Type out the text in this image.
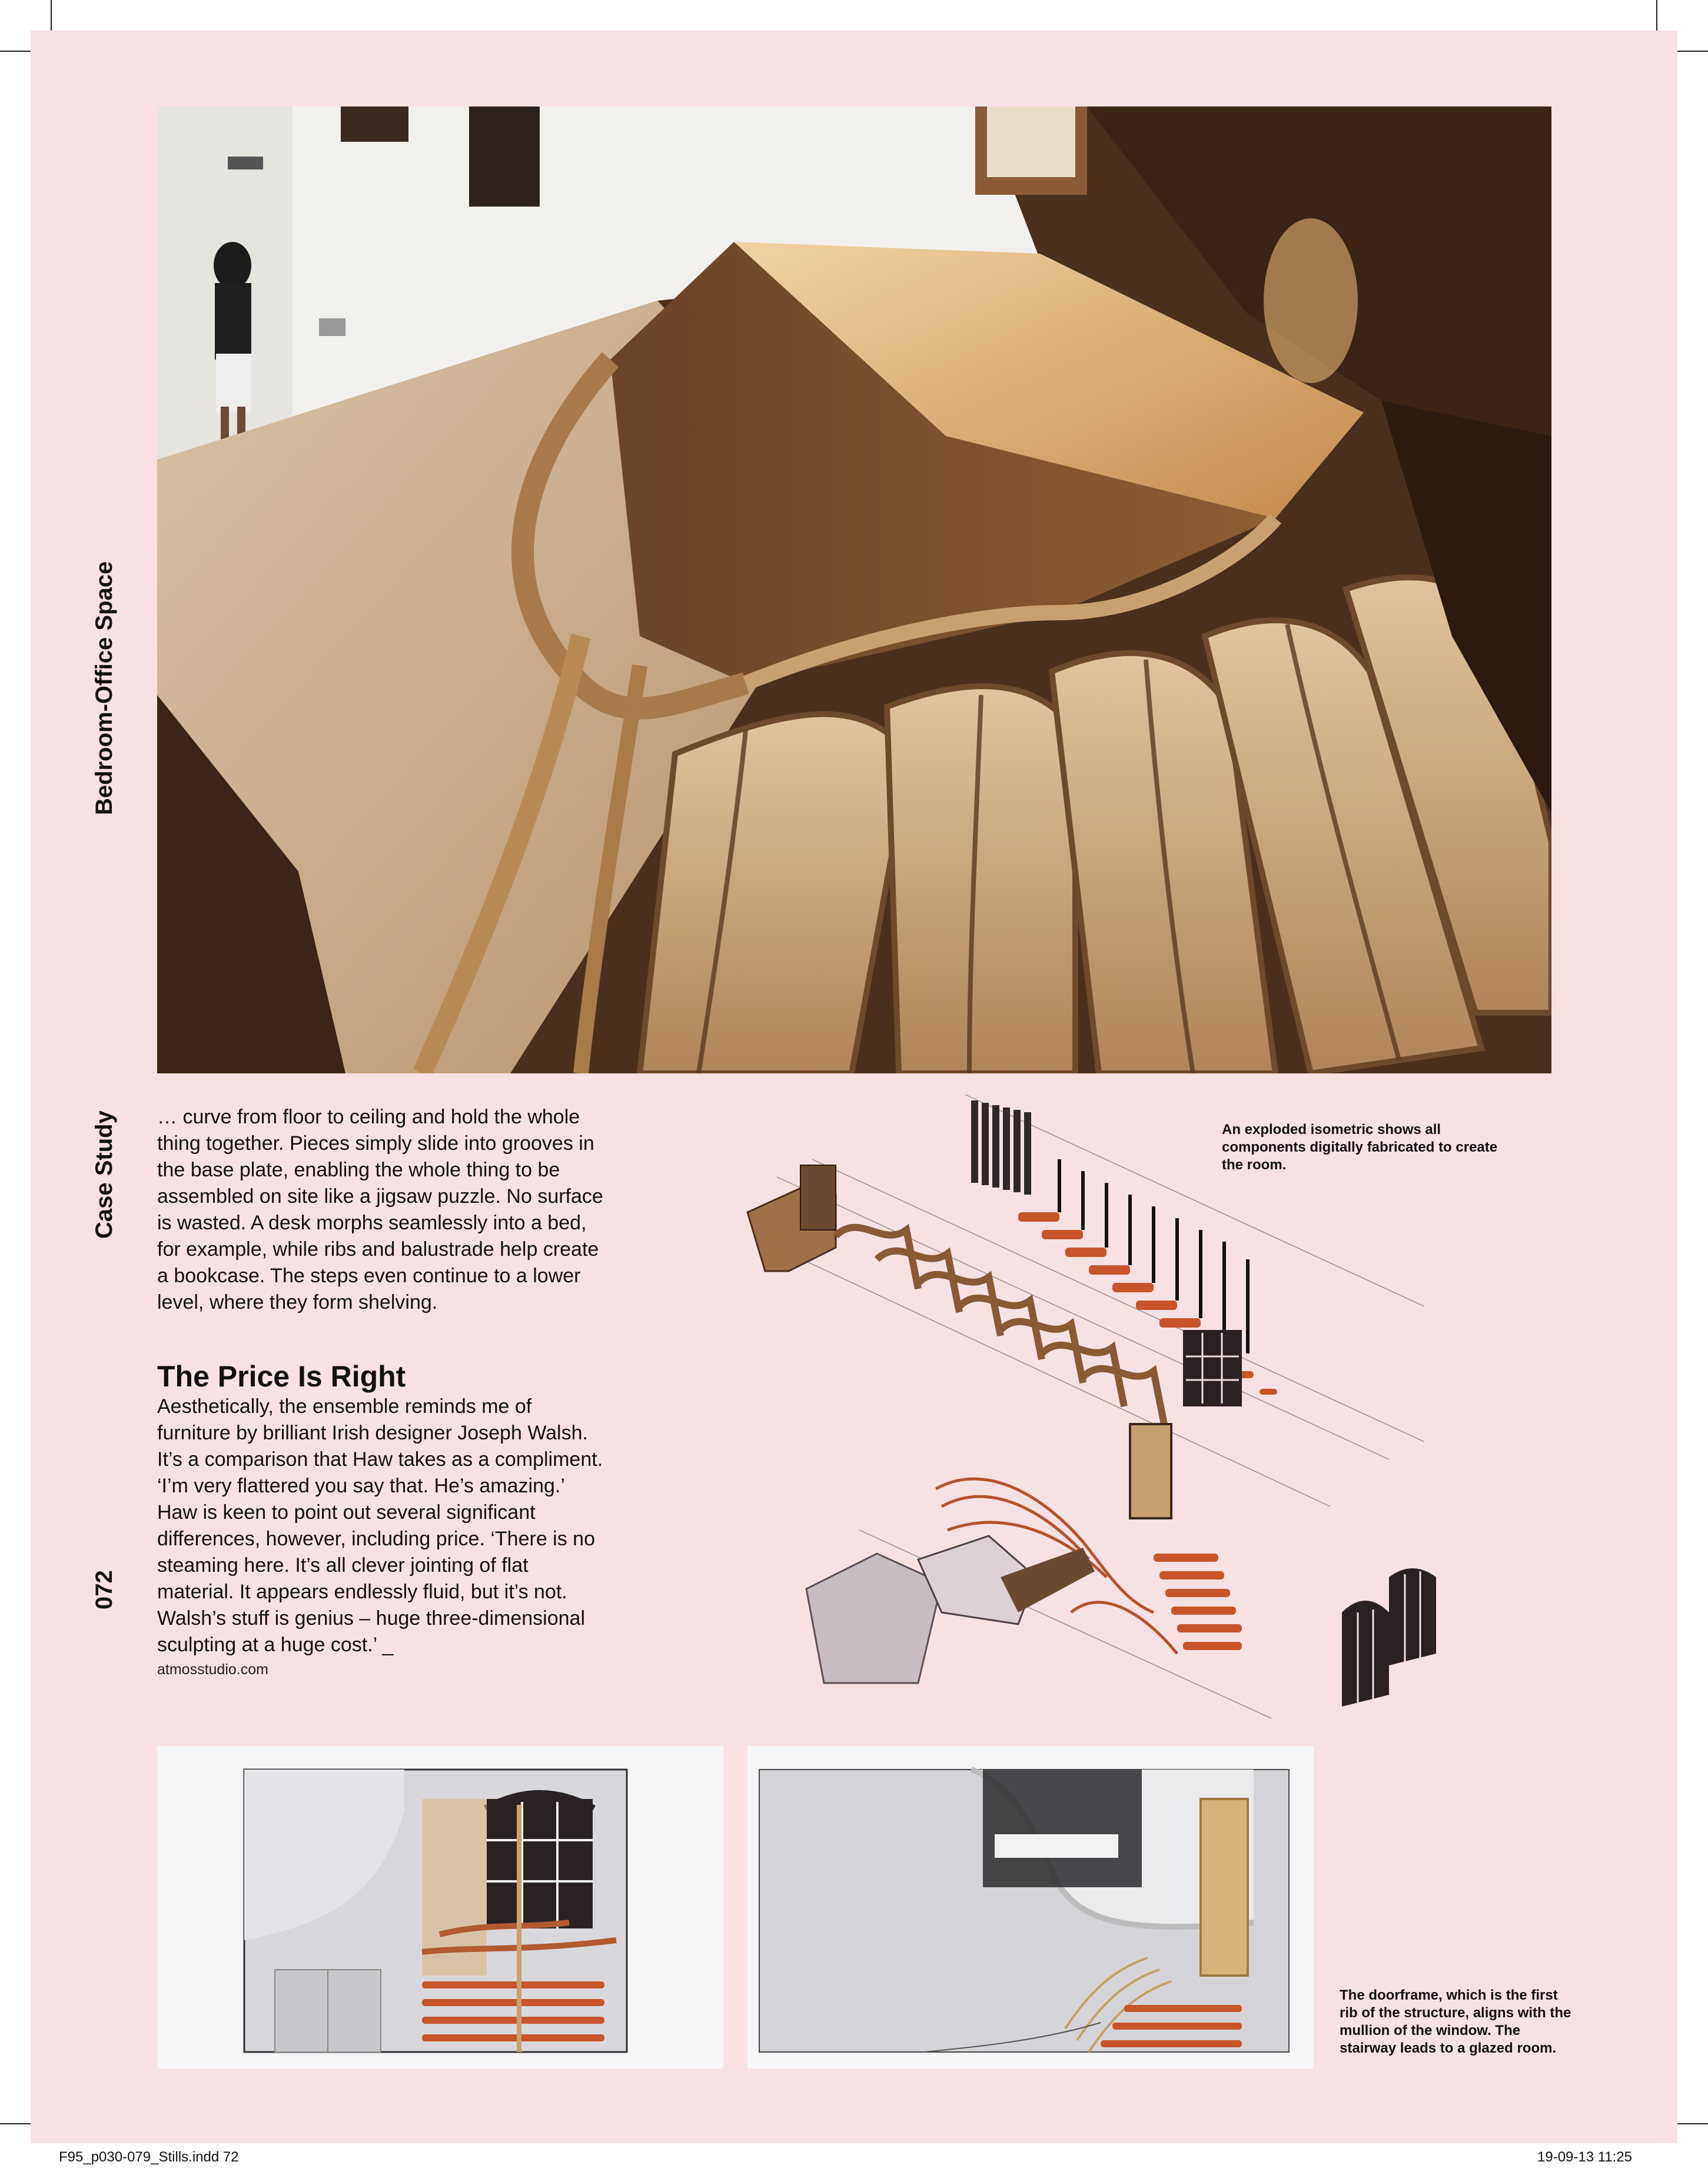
Bedroom-Office Space
Case Study
072

… curve from floor to ceiling and hold the whole thing together. Pieces simply slide into grooves in the base plate, enabling the whole thing to be assembled on site like a jigsaw puzzle. No surface is wasted. A desk morphs seamlessly into a bed, for example, while ribs and balustrade help create a bookcase. The steps even continue to a lower level, where they form shelving.

The Price Is Right

Aesthetically, the ensemble reminds me of furniture by brilliant Irish designer Joseph Walsh. It’s a comparison that Haw takes as a compliment. ‘I’m very flattered you say that. He’s amazing.’ Haw is keen to point out several significant differences, however, including price. ‘There is no steaming here. It’s all clever jointing of flat material. It appears endlessly fluid, but it’s not. Walsh’s stuff is genius – huge three-dimensional sculpting at a huge cost.’ _

atmosstudio.com
An exploded isometric shows all components digitally fabricated to create the room.
The doorframe, which is the first rib of the structure, aligns with the mullion of the window. The stairway leads to a glazed room.
F95_p030-079_Stills.indd 72	19-09-13 11:25
